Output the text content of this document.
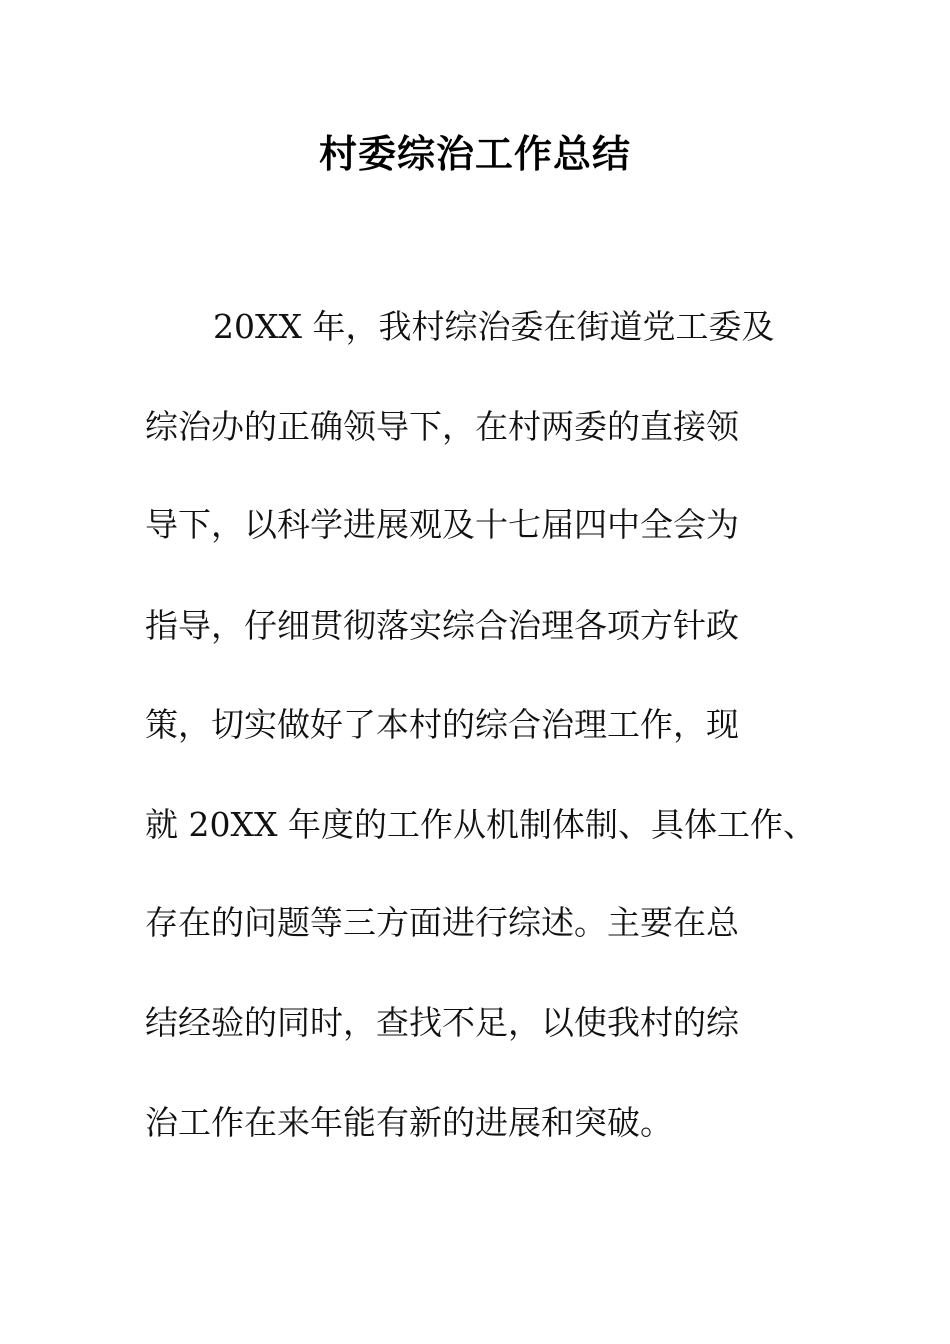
村委综治工作总结
20XX 年，我村综治委在街道党工委及
综治办的正确领导下，在村两委的直接领
导下，以科学进展观及十七届四中全会为
指导，仔细贯彻落实综合治理各项方针政
策，切实做好了本村的综合治理工作，现
就 20XX 年度的工作从机制体制、具体工作、
存在的问题等三方面进行综述。主要在总
结经验的同时，查找不足，以使我村的综
治工作在来年能有新的进展和突破。
